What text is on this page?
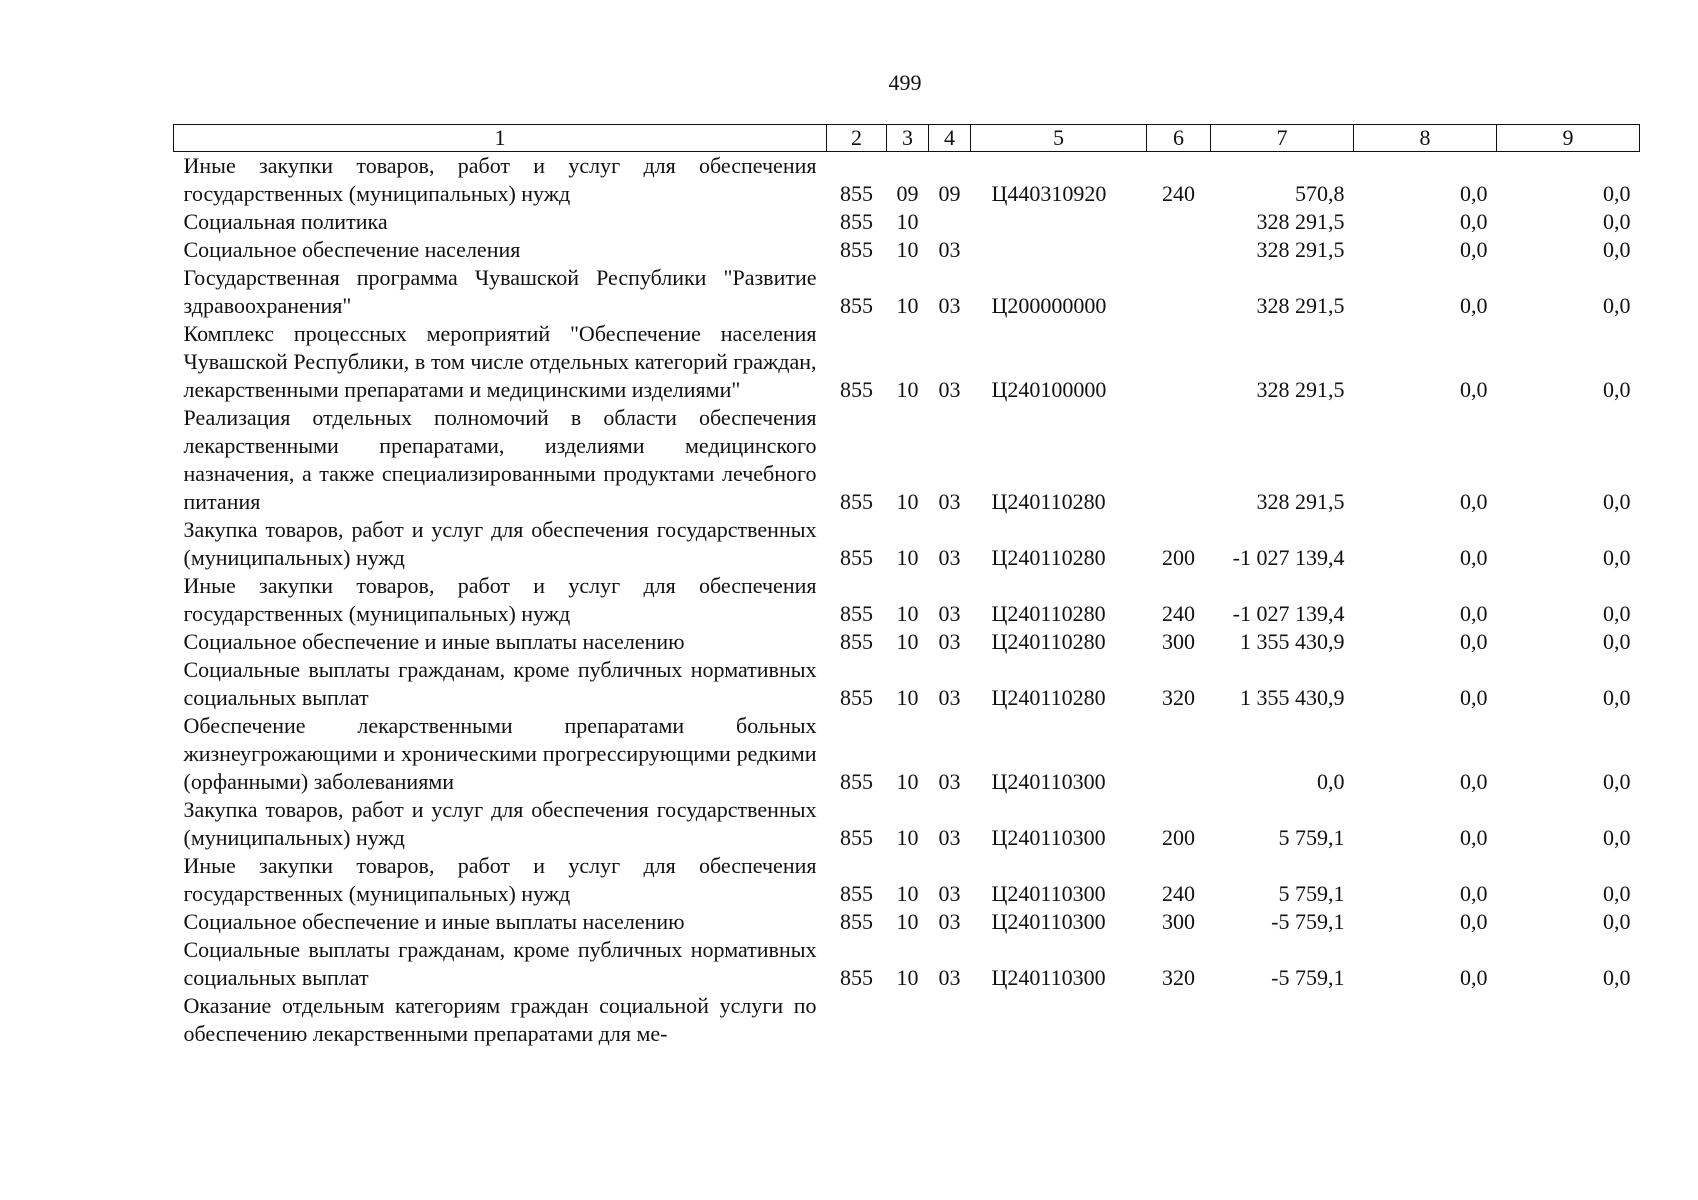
499
1	2	3	4	5	6	7	8	9
Иные закупки товаров, работ и услуг для обеспечения государственных (муниципальных) нужд	855	09	09	Ц440310920	240	570,8	0,0	0,0
Социальная политика	855	10				328 291,5	0,0	0,0
Социальное обеспечение населения	855	10	03			328 291,5	0,0	0,0
Государственная программа Чувашской Республики "Развитие здравоохранения"	855	10	03	Ц200000000		328 291,5	0,0	0,0
Комплекс процессных мероприятий "Обеспечение населения Чувашской Республики, в том числе отдельных категорий граждан, лекарственными препаратами и медицинскими изделиями"	855	10	03	Ц240100000		328 291,5	0,0	0,0
Реализация отдельных полномочий в области обеспечения лекарственными препаратами, изделиями медицинского назначения, а также специализированными продуктами лечебного питания	855	10	03	Ц240110280		328 291,5	0,0	0,0
Закупка товаров, работ и услуг для обеспечения государственных (муниципальных) нужд	855	10	03	Ц240110280	200	-1 027 139,4	0,0	0,0
Иные закупки товаров, работ и услуг для обеспечения государственных (муниципальных) нужд	855	10	03	Ц240110280	240	-1 027 139,4	0,0	0,0
Социальное обеспечение и иные выплаты населению	855	10	03	Ц240110280	300	1 355 430,9	0,0	0,0
Социальные выплаты гражданам, кроме публичных нормативных социальных выплат	855	10	03	Ц240110280	320	1 355 430,9	0,0	0,0
Обеспечение лекарственными препаратами больных жизнеугрожающими и хроническими прогрессирующими редкими (орфанными) заболеваниями	855	10	03	Ц240110300		0,0	0,0	0,0
Закупка товаров, работ и услуг для обеспечения государственных (муниципальных) нужд	855	10	03	Ц240110300	200	5 759,1	0,0	0,0
Иные закупки товаров, работ и услуг для обеспечения государственных (муниципальных) нужд	855	10	03	Ц240110300	240	5 759,1	0,0	0,0
Социальное обеспечение и иные выплаты населению	855	10	03	Ц240110300	300	-5 759,1	0,0	0,0
Социальные выплаты гражданам, кроме публичных нормативных социальных выплат	855	10	03	Ц240110300	320	-5 759,1	0,0	0,0
Оказание отдельным категориям граждан социальной услуги по обеспечению лекарственными препаратами для ме-								
